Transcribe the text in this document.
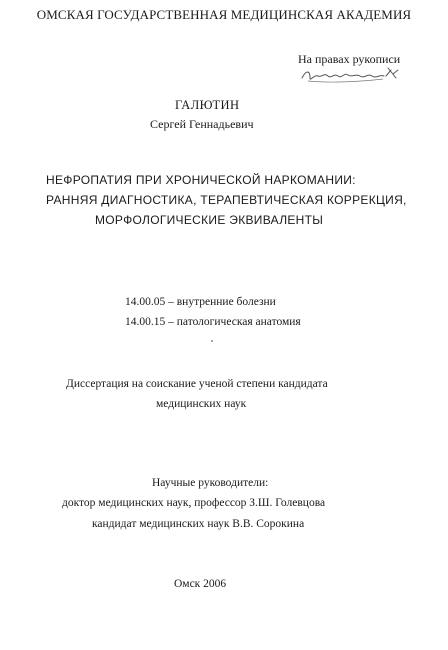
ОМСКАЯ ГОСУДАРСТВЕННАЯ МЕДИЦИНСКАЯ АКАДЕМИЯ
На правах рукописи
ГАЛЮТИН
Сергей Геннадьевич
НЕФРОПАТИЯ ПРИ ХРОНИЧЕСКОЙ НАРКОМАНИИ:
РАННЯЯ ДИАГНОСТИКА, ТЕРАПЕВТИЧЕСКАЯ КОРРЕКЦИЯ,
МОРФОЛОГИЧЕСКИЕ ЭКВИВАЛЕНТЫ
14.00.05 – внутренние болезни
14.00.15 – патологическая анатомия
Диссертация на соискание ученой степени кандидата
медицинских наук
Научные руководители:
доктор медицинских наук, профессор З.Ш. Голевцова
кандидат медицинских наук В.В. Сорокина
Омск 2006
